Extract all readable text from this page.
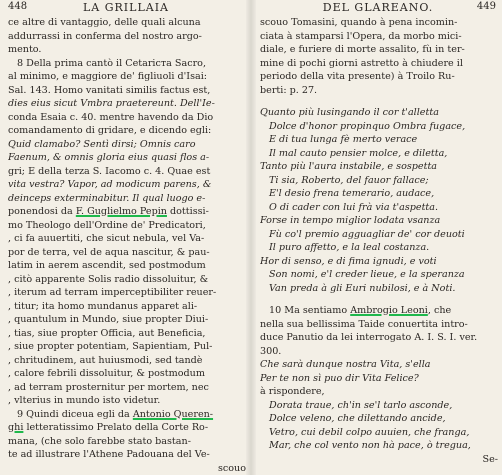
448	LA GRILLAIA
ce altre di vantaggio, delle quali alcuna
addurrassi in conferma del nostro argo-
mento.
8 Della prima cantò il Cetariста Sacro,
al minimo, e maggiore de' figliuoli d'Isai:
Sal. 143. Homo vanitati similis factus est,
dies eius sicut Vmbra praetereunt. Dell'Ie-
conda Esaia c. 40. mentre havendo da Dio
comandamento di gridare, e dicendo egli:
Quid clamabo? Sentì dirsi; Omnis caro
Faenum, & omnis gloria eius quasi flos a-
gri; E della terza S. Iacomo c. 4. Quae est
vita vestra? Vapor, ad modicum parens, &
deinceps exterminabitur. Il qual luogo e-
ponendosi da F. Guglielmo Pepin dottissi-
mo Theologo dell'Ordine de' Predicatori,
, ci fa auuertiti, che sicut nebula, vel Va-
por de terra, vel de aqua nascitur, & pau-
latim in aerem ascendit, sed postmodum
, citò apparente Solis radio dissoluitur, &
, iterum ad terram imperceptibiliter reuer-
, titur; ita homo mundanus apparet ali-
, quantulum in Mundo, siue propter Diui-
, tias, siue propter Officia, aut Beneficia,
, siue propter potentiam, Sapientiam, Pul-
, chritudinem, aut huiusmodi, sed tandè
, calore febrili dissoluitur, & postmodum
, ad terram prosternitur per mortem, nec
, vlterius in mundo isto videtur.
9 Quindi diceua egli da Antonio Queren-
ghi letteratissimo Prelato della Corte Ro-
mana, (che solo farebbe stato bastan-
te ad illustrare l'Athene Padouana del Ve-
scouo
DEL GLAREANO.	449
scouo Tomasini, quando à pena incomin-
ciata à stamparsi l'Opera, da morbo mici-
diale, e furiere di morte assalito, fù in ter-
mine di pochi giorni astretto à chiudere il
periodo della vita presente) à Troilo Ru-
berti: p. 27.
Quanto più lusingando il cor t'alletta
Dolce d'honor propinquo Ombra fugace,
E di tua lunga fè merto verace
Il mal cauto pensier molce, e diletta,
Tanto più l'aura instabile, e sospetta
Ti sia, Roberto, del fauor fallace;
E'l desio frena temerario, audace,
O di cader con lui frà via t'aspetta.
Forse in tempo miglior lodata vsanza
Fù co'l premio agguagliar de' cor deuoti
Il puro affetto, e la leal costanza.
Hor di senso, e di fima ignudi, e voti
Son nomi, e'l creder lieue, e la speranza
Van preda à gli Euri nubilosi, e à Noti.
10 Ma sentiamo Ambrogio Leoni, che
nella sua bellissima Taide conuertita intro-
duce Panutio da lei interrogato A. I. S. I. ver.
300.
Che sarà dunque nostra Vita, s'ella
Per te non sì puo dir Vita Felice?
à rispondere,
Dorata traue, ch'in se'l tarlo asconde,
Dolce veleno, che dilettando ancide,
Vetro, cui debil colpo auuien, che franga,
Mar, che col vento non hà pace, ò tregua,
Se-
